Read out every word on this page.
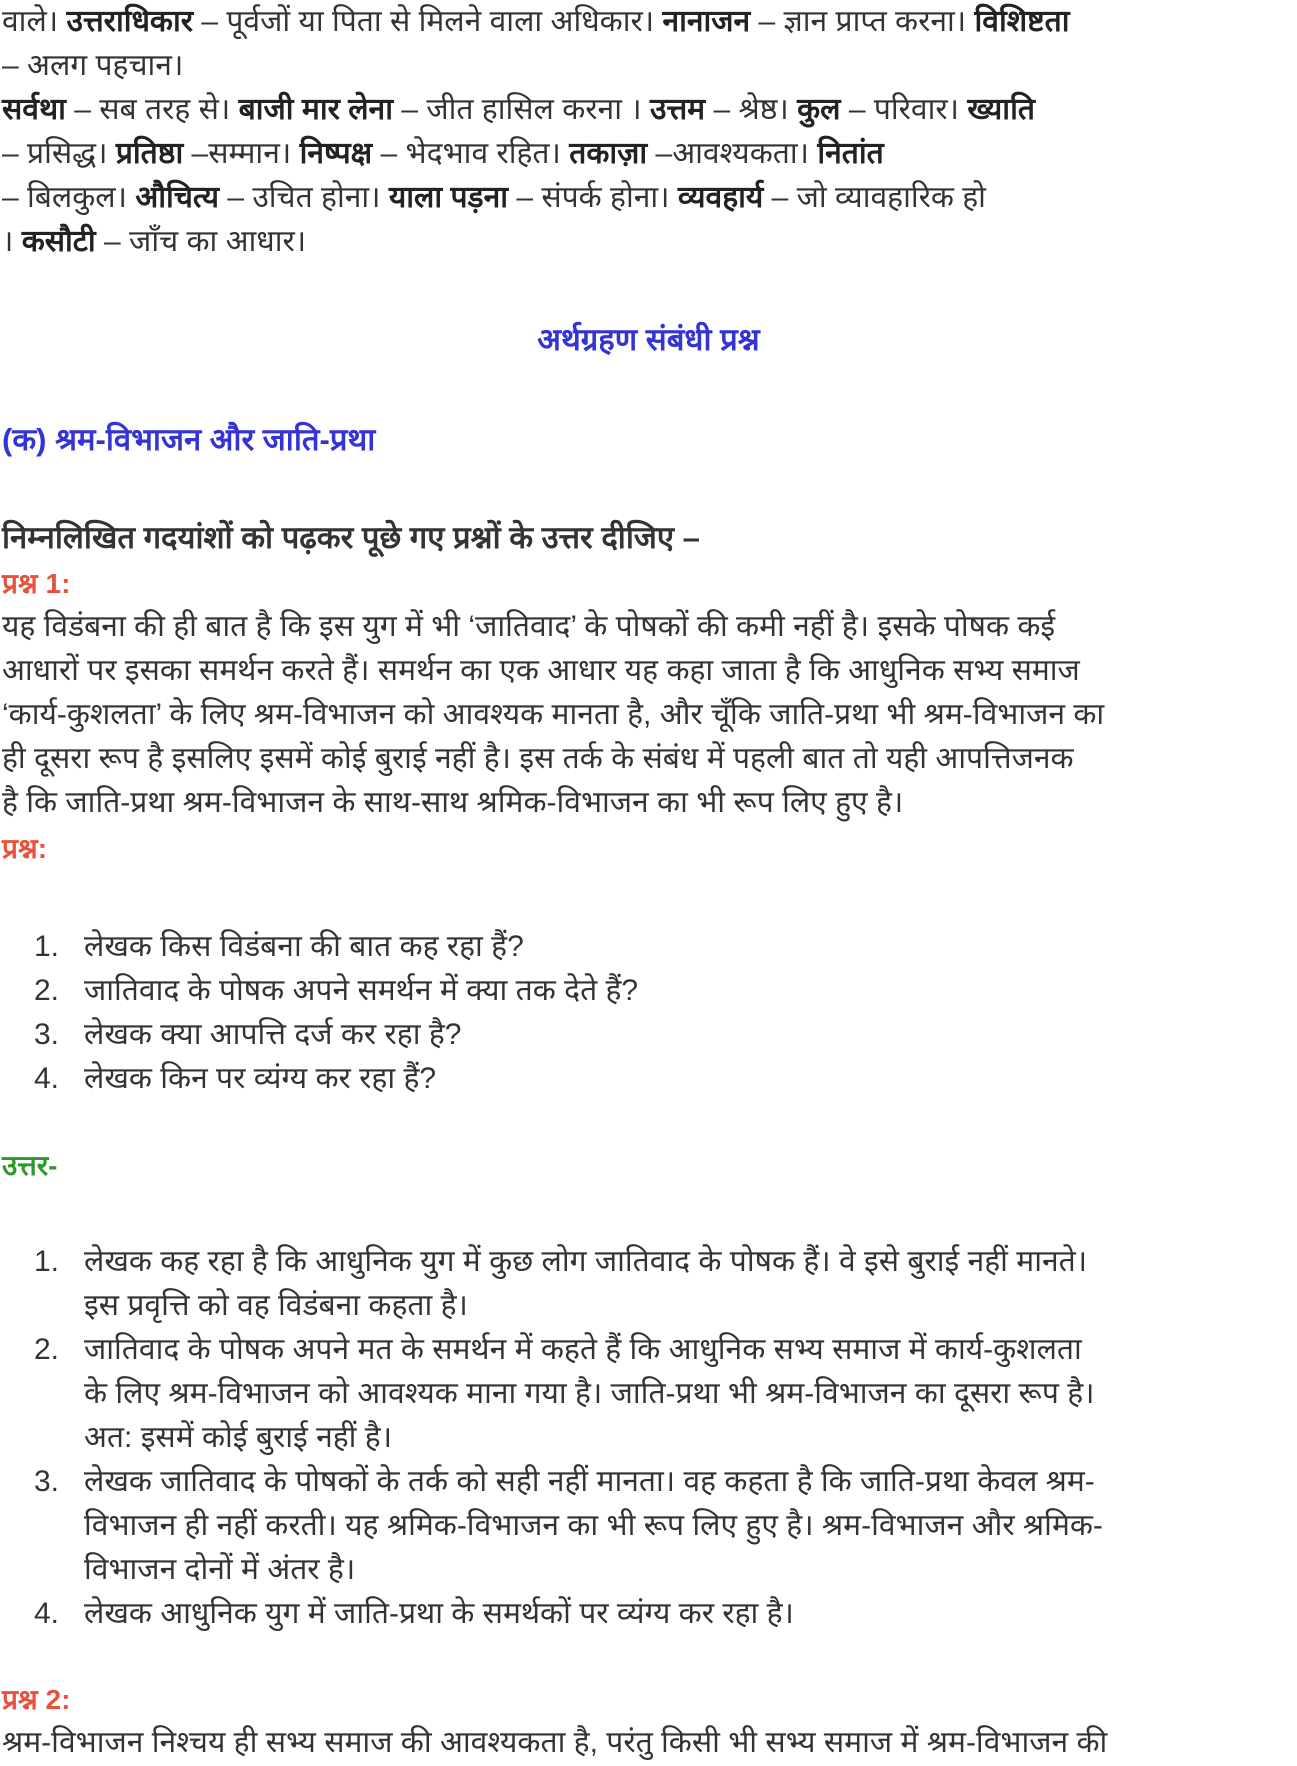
वाले। उत्तराधिकार – पूर्वजों या पिता से मिलने वाला अधिकार। नानाजन – ज्ञान प्राप्त करना। विशिष्टता
– अलग पहचान।
सर्वथा – सब तरह से। बाजी मार लेना – जीत हासिल करना । उत्तम – श्रेष्ठ। कुल – परिवार। ख्याति
– प्रसिद्ध। प्रतिष्ठा –सम्मान। निष्पक्ष – भेदभाव रहित। तकाज़ा –आवश्यकता। नितांत
– बिलकुल। औचित्य – उचित होना। याला पड़ना – संपर्क होना। व्यवहार्य – जो व्यावहारिक हो
। कसौटी – जाँच का आधार।
अर्थग्रहण संबंधी प्रश्न
(क) श्रम-विभाजन और जाति-प्रथा
निम्नलिखित गदयांशों को पढ़कर पूछे गए प्रश्नों के उत्तर दीजिए –
प्रश्न 1:
यह विडंबना की ही बात है कि इस युग में भी ‘जातिवाद’ के पोषकों की कमी नहीं है। इसके पोषक कई
आधारों पर इसका समर्थन करते हैं। समर्थन का एक आधार यह कहा जाता है कि आधुनिक सभ्य समाज
‘कार्य-कुशलता’ के लिए श्रम-विभाजन को आवश्यक मानता है, और चूँकि जाति-प्रथा भी श्रम-विभाजन का
ही दूसरा रूप है इसलिए इसमें कोई बुराई नहीं है। इस तर्क के संबंध में पहली बात तो यही आपत्तिजनक
है कि जाति-प्रथा श्रम-विभाजन के साथ-साथ श्रमिक-विभाजन का भी रूप लिए हुए है।
प्रश्न:
1. लेखक किस विडंबना की बात कह रहा हैं?
2. जातिवाद के पोषक अपने समर्थन में क्या तक देते हैं?
3. लेखक क्या आपत्ति दर्ज कर रहा है?
4. लेखक किन पर व्यंग्य कर रहा हैं?
उत्तर-
1. लेखक कह रहा है कि आधुनिक युग में कुछ लोग जातिवाद के पोषक हैं। वे इसे बुराई नहीं मानते।
इस प्रवृत्ति को वह विडंबना कहता है।
2. जातिवाद के पोषक अपने मत के समर्थन में कहते हैं कि आधुनिक सभ्य समाज में कार्य-कुशलता
के लिए श्रम-विभाजन को आवश्यक माना गया है। जाति-प्रथा भी श्रम-विभाजन का दूसरा रूप है।
अत: इसमें कोई बुराई नहीं है।
3. लेखक जातिवाद के पोषकों के तर्क को सही नहीं मानता। वह कहता है कि जाति-प्रथा केवल श्रम-
विभाजन ही नहीं करती। यह श्रमिक-विभाजन का भी रूप लिए हुए है। श्रम-विभाजन और श्रमिक-
विभाजन दोनों में अंतर है।
4. लेखक आधुनिक युग में जाति-प्रथा के समर्थकों पर व्यंग्य कर रहा है।
प्रश्न 2:
श्रम-विभाजन निश्चय ही सभ्य समाज की आवश्यकता है, परंतु किसी भी सभ्य समाज में श्रम-विभाजन की
